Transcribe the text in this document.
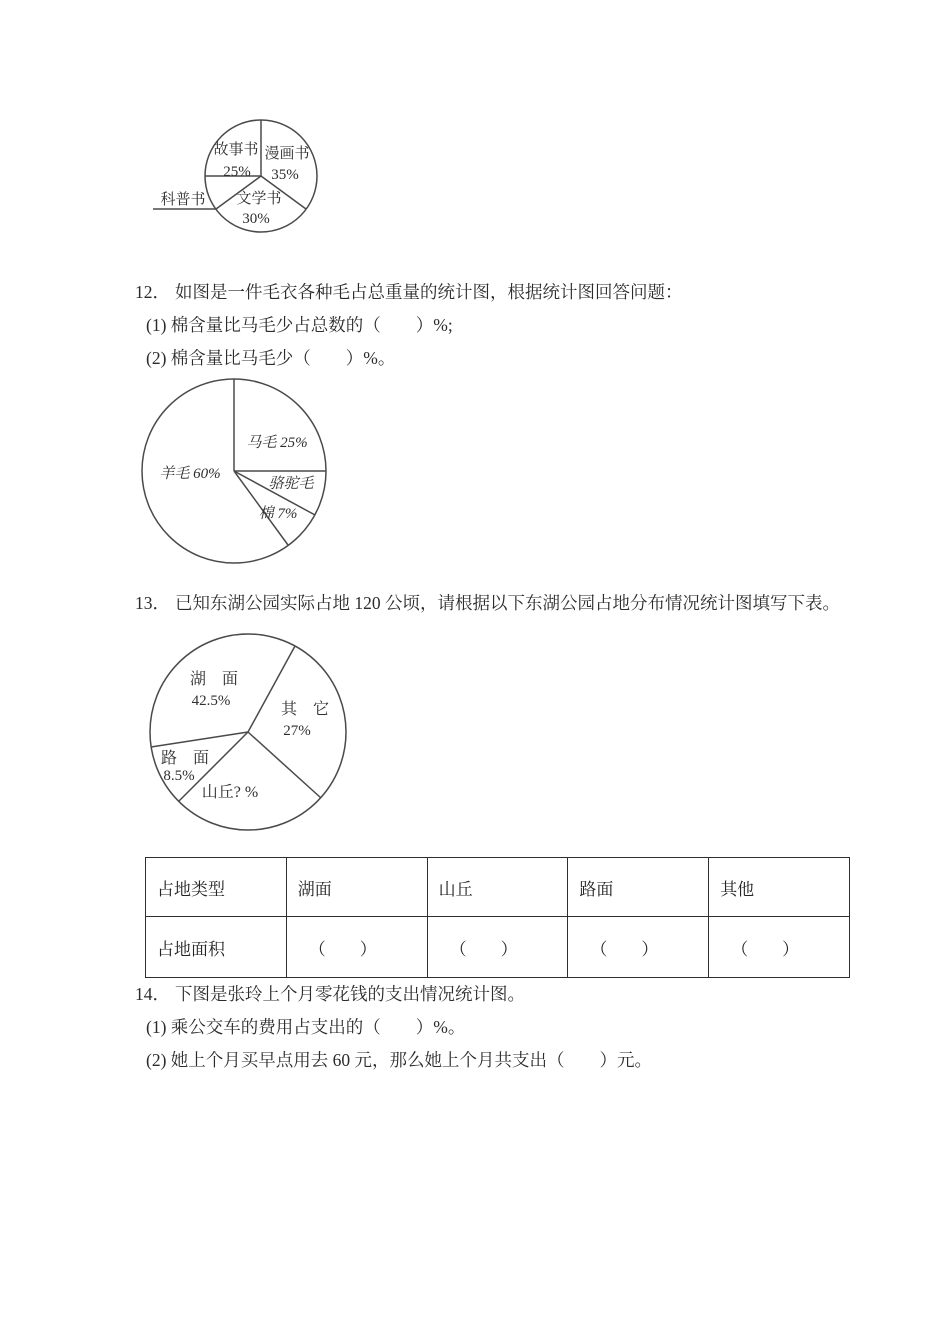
故事书
25%
漫画书
35%
文学书
30%
科普书
12． 如图是一件毛衣各种毛占总重量的统计图，根据统计图回答问题：
(1) 棉含量比马毛少占总数的（　　）%;
(2) 棉含量比马毛少（　　）%。
马毛 25%
骆驼毛
棉 7%
羊毛 60%
13． 已知东湖公园实际占地 120 公顷，请根据以下东湖公园占地分布情况统计图填写下表。
湖　面
42.5%	其　它
27%
路　面
8.5%
山丘? %
占地类型	湖面	山丘	路面	其他
占地面积	（　　）	（　　）	（　　）	（　　）
14． 下图是张玲上个月零花钱的支出情况统计图。
(1) 乘公交车的费用占支出的（　　）%。
(2) 她上个月买早点用去 60 元，那么她上个月共支出（　　）元。
